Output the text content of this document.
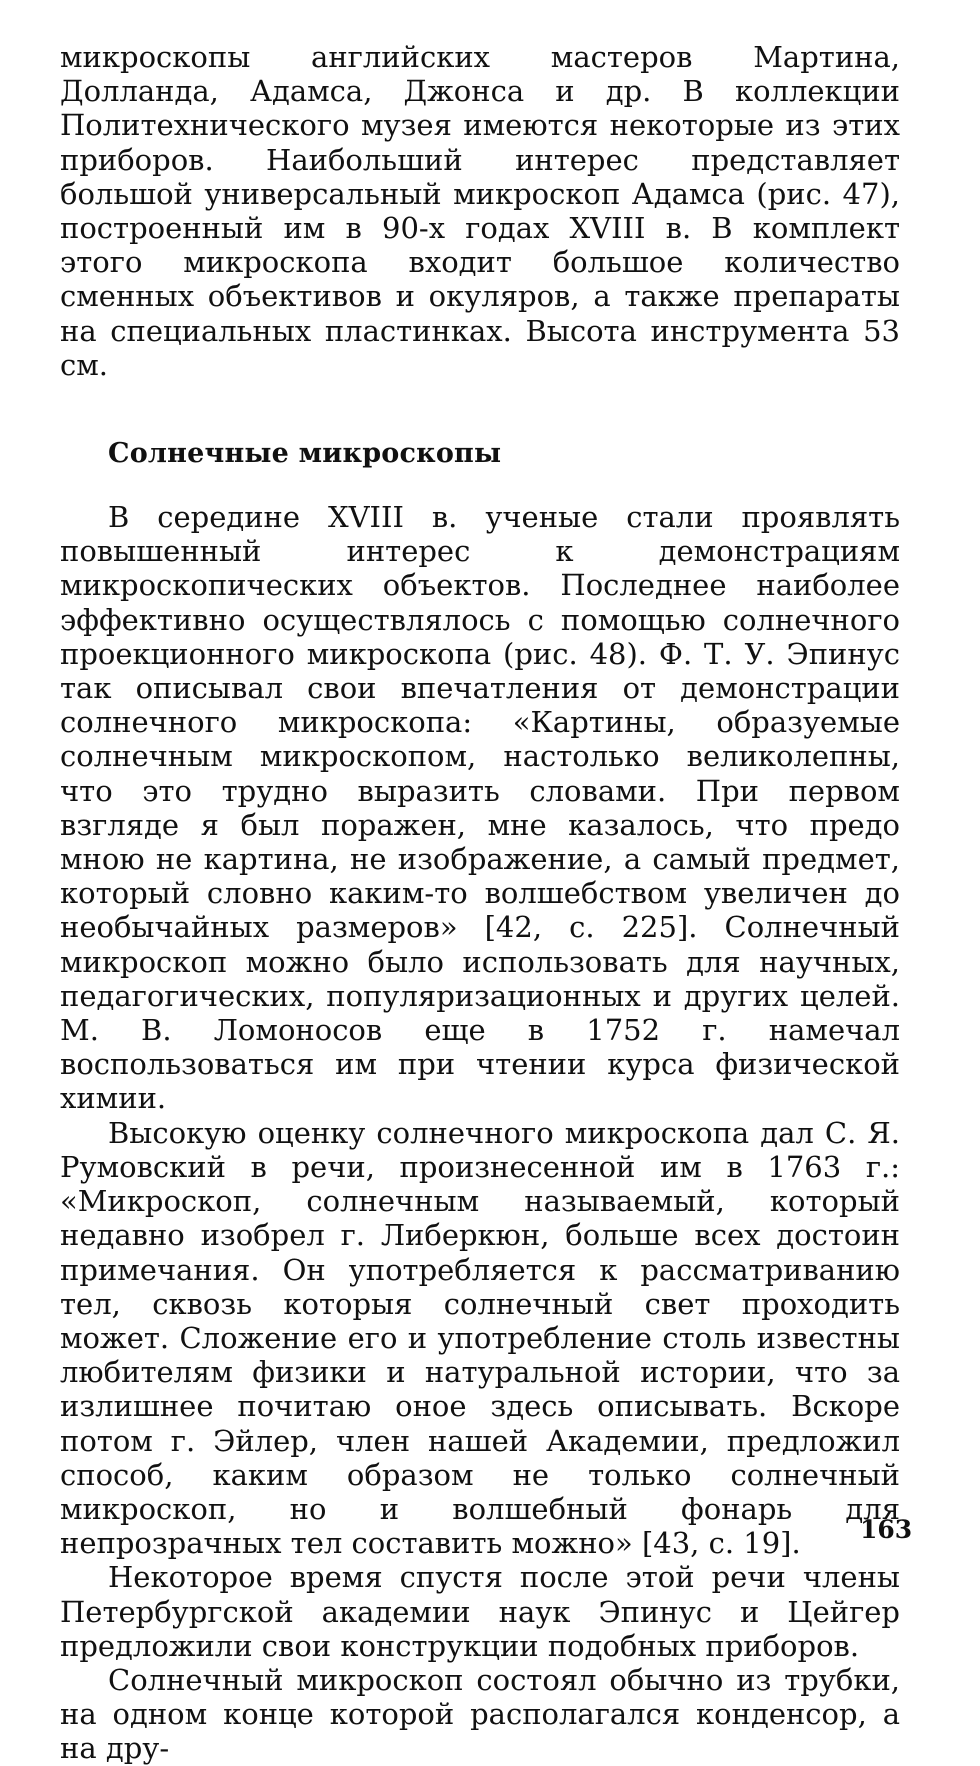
микроскопы английских мастеров Мартина, Долланда, Адамса, Джонса и др. В коллекции Политехнического музея имеются некоторые из этих приборов. Наибольший интерес представляет большой универсальный микроскоп Адамса (рис. 47), построенный им в 90-х годах XVIII в. В комплект этого микроскопа входит большое количество сменных объективов и окуляров, а также препараты на специальных пластинках. Высота инструмента 53 см.

Солнечные микроскопы

В середине XVIII в. ученые стали проявлять повышенный интерес к демонстрациям микроскопических объектов. Последнее наиболее эффективно осуществлялось с помощью солнечного проекционного микроскопа (рис. 48). Ф. Т. У. Эпинус так описывал свои впечатления от демонстрации солнечного микроскопа: «Картины, образуемые солнечным микроскопом, настолько великолепны, что это трудно выразить словами. При первом взгляде я был поражен, мне казалось, что предо мною не картина, не изображение, а самый предмет, который словно каким-то волшебством увеличен до необычайных размеров» [42, с. 225]. Солнечный микроскоп можно было использовать для научных, педагогических, популяризационных и других целей. М. В. Ломоносов еще в 1752 г. намечал воспользоваться им при чтении курса физической химии.

Высокую оценку солнечного микроскопа дал С. Я. Румовский в речи, произнесенной им в 1763 г.: «Микроскоп, солнечным называемый, который недавно изобрел г. Либеркюн, больше всех достоин примечания. Он употребляется к рассматриванию тел, сквозь которыя солнечный свет проходить может. Сложение его и употребление столь известны любителям физики и натуральной истории, что за излишнее почитаю оное здесь описывать. Вскоре потом г. Эйлер, член нашей Академии, предложил способ, каким образом не только солнечный микроскоп, но и волшебный фонарь для непрозрачных тел составить можно» [43, с. 19].

Некоторое время спустя после этой речи члены Петербургской академии наук Эпинус и Цейгер предложили свои конструкции подобных приборов.

Солнечный микроскоп состоял обычно из трубки, на одном конце которой располагался конденсор, а на дру-

163
